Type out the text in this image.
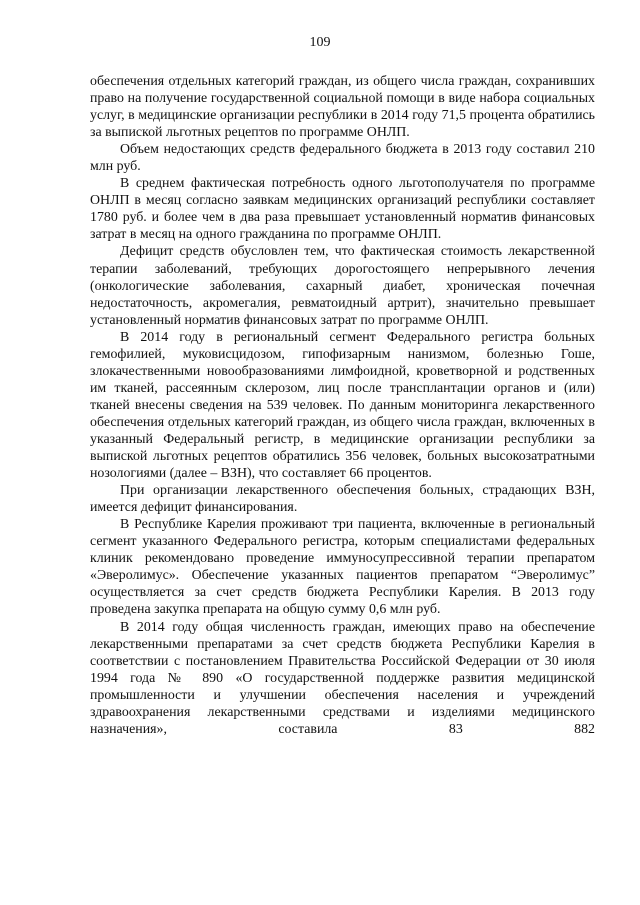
109

обеспечения отдельных категорий граждан, из общего числа граждан, сохранивших право на получение государственной социальной помощи в виде набора социальных услуг, в медицинские организации республики в 2014 году 71,5 процента обратились за выпиской льготных рецептов по программе ОНЛП.

Объем недостающих средств федерального бюджета в 2013 году составил 210 млн руб.

В среднем фактическая потребность одного льготополучателя по программе ОНЛП в месяц согласно заявкам медицинских организаций республики составляет 1780 руб. и более чем в два раза превышает установленный норматив финансовых затрат в месяц на одного гражданина по программе ОНЛП.

Дефицит средств обусловлен тем, что фактическая стоимость лекарственной терапии заболеваний, требующих дорогостоящего непрерывного лечения (онкологические заболевания, сахарный диабет, хроническая почечная недостаточность, акромегалия, ревматоидный артрит), значительно превышает установленный норматив финансовых затрат по программе ОНЛП.

В 2014 году в региональный сегмент Федерального регистра больных гемофилией, муковисцидозом, гипофизарным нанизмом, болезнью Гоше, злокачественными новообразованиями лимфоидной, кроветворной и родственных им тканей, рассеянным склерозом, лиц после трансплантации органов и (или) тканей внесены сведения на 539 человек. По данным мониторинга лекарственного обеспечения отдельных категорий граждан, из общего числа граждан, включенных в указанный Федеральный регистр, в медицинские организации республики за выпиской льготных рецептов обратились 356 человек, больных высокозатратными нозологиями (далее – ВЗН), что составляет 66 процентов.

При организации лекарственного обеспечения больных, страдающих ВЗН, имеется дефицит финансирования.

В Республике Карелия проживают три пациента, включенные в региональный сегмент указанного Федерального регистра, которым специалистами федеральных клиник рекомендовано проведение иммуносупрессивной терапии препаратом «Эверолимус». Обеспечение указанных пациентов препаратом “Эверолимус” осуществляется за счет средств бюджета Республики Карелия. В 2013 году проведена закупка препарата на общую сумму 0,6 млн руб.

В 2014 году общая численность граждан, имеющих право на обеспечение лекарственными препаратами за счет средств бюджета Республики Карелия в соответствии с постановлением Правительства Российской Федерации от 30 июля 1994 года № 890 «О государственной поддержке развития медицинской промышленности и улучшении обеспечения населения и учреждений здравоохранения лекарственными средствами и изделиями медицинского назначения», составила 83 882
